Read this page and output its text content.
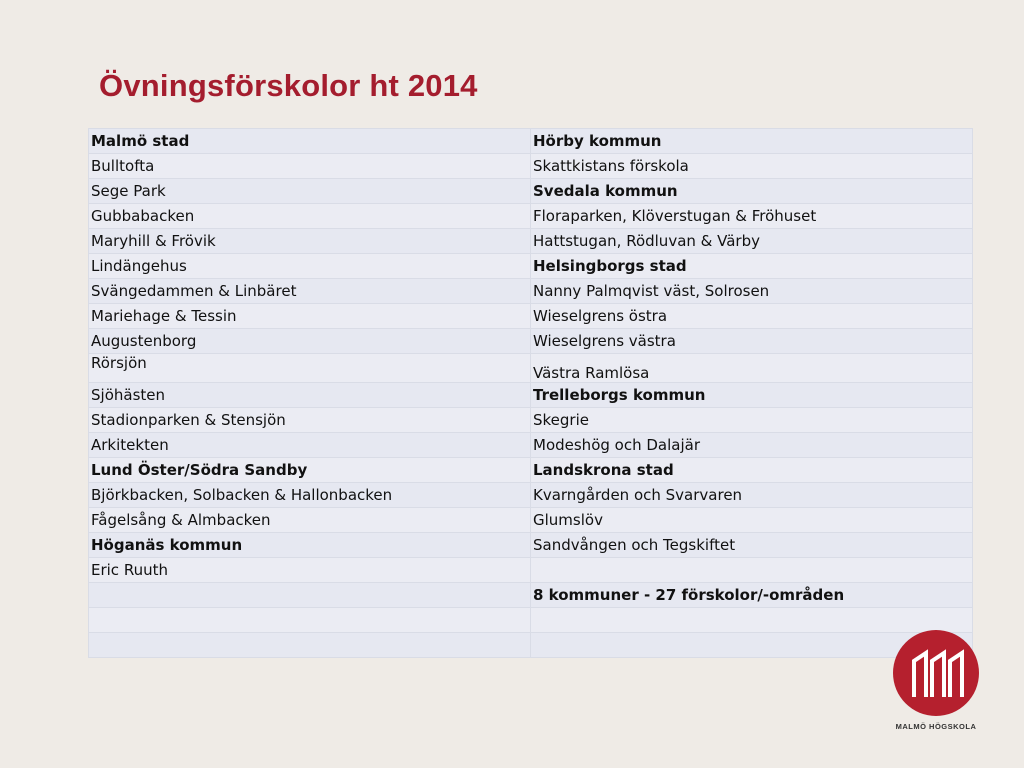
Övningsförskolor ht 2014
Malmö stad	Hörby kommun
Bulltofta	Skattkistans förskola
Sege Park	Svedala kommun
Gubbabacken	Floraparken, Klöverstugan & Fröhuset
Maryhill & Frövik	Hattstugan, Rödluvan & Värby
Lindängehus	Helsingborgs stad
Svängedammen & Linbäret	Nanny Palmqvist väst, Solrosen
Mariehage & Tessin	Wieselgrens östra
Augustenborg	Wieselgrens västra
Rörsjön	Västra Ramlösa
Sjöhästen	Trelleborgs kommun
Stadionparken & Stensjön	Skegrie
Arkitekten	Modeshög och Dalajär
Lund Öster/Södra Sandby	Landskrona stad
Björkbacken, Solbacken & Hallonbacken	Kvarngården och Svarvaren
Fågelsång & Almbacken	Glumslöv
Höganäs kommun	Sandvången och Tegskiftet
Eric Ruuth	
	8 kommuner - 27 förskolor/-områden

MALMÖ HÖGSKOLA
